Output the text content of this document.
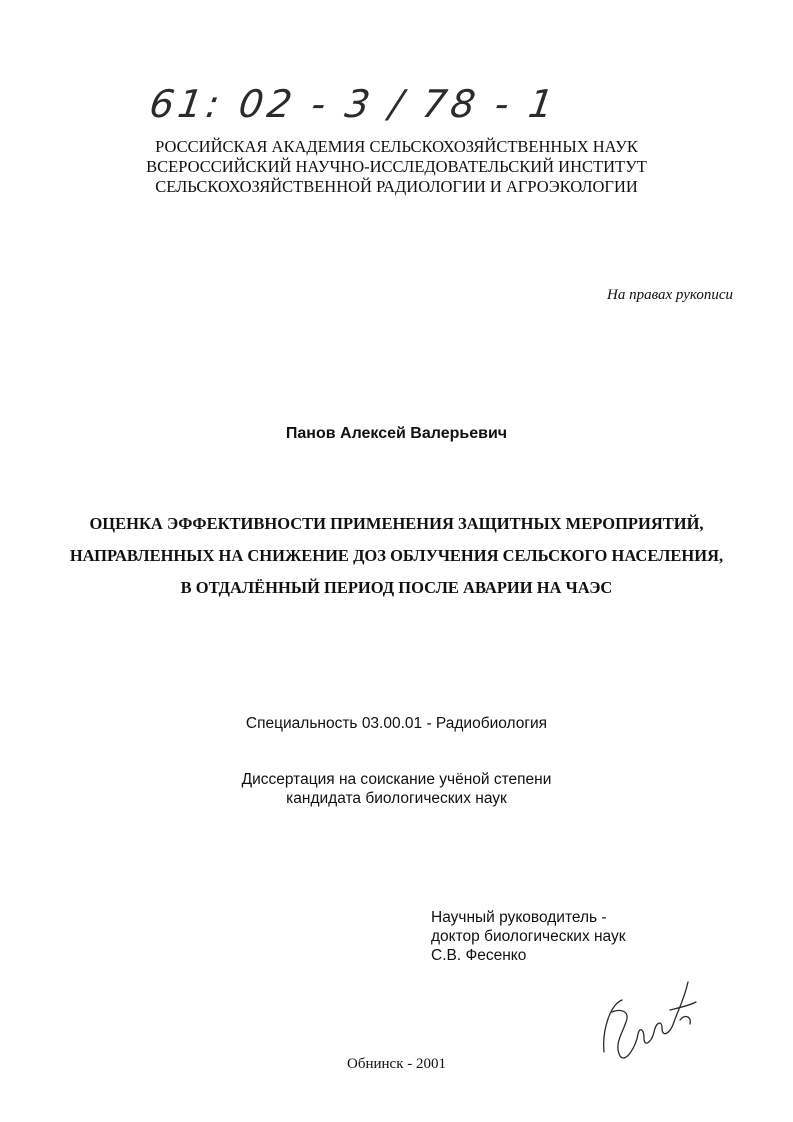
61: 02 - 3 / 78 - 1
РОССИЙСКАЯ АКАДЕМИЯ СЕЛЬСКОХОЗЯЙСТВЕННЫХ НАУК
ВСЕРОССИЙСКИЙ НАУЧНО-ИССЛЕДОВАТЕЛЬСКИЙ ИНСТИТУТ
СЕЛЬСКОХОЗЯЙСТВЕННОЙ РАДИОЛОГИИ И АГРОЭКОЛОГИИ
На правах рукописи
Панов Алексей Валерьевич
ОЦЕНКА ЭФФЕКТИВНОСТИ ПРИМЕНЕНИЯ ЗАЩИТНЫХ МЕРОПРИЯТИЙ,
НАПРАВЛЕННЫХ НА СНИЖЕНИЕ ДОЗ ОБЛУЧЕНИЯ СЕЛЬСКОГО НАСЕЛЕНИЯ,
В ОТДАЛЁННЫЙ ПЕРИОД ПОСЛЕ АВАРИИ НА ЧАЭС
Специальность 03.00.01 - Радиобиология
Диссертация на соискание учёной степени
кандидата биологических наук
Научный руководитель -
доктор биологических наук
С.В. Фесенко
Обнинск - 2001
